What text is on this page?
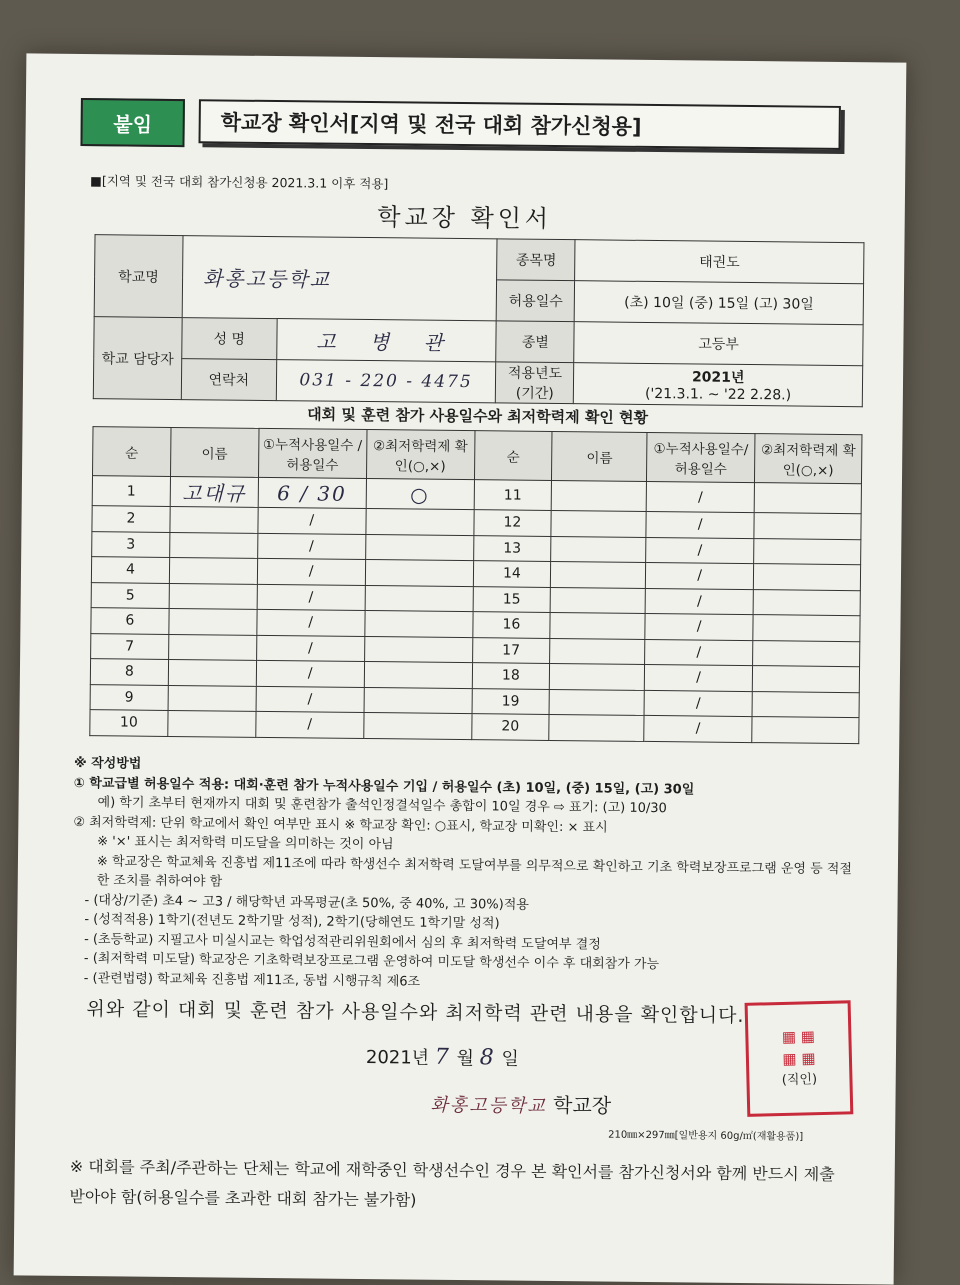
붙임	학교장 확인서[지역 및 전국 대회 참가신청용]
■[지역 및 전국 대회 참가신청용 2021.3.1 이후 적용]
학교장 확인서
학교명	화홍고등학교		종목명	태권도
			허용일수	(초) 10일 (중) 15일 (고) 30일
학교 담당자	성 명	고 병 관	종별	고등부
	연락처	031 - 220 - 4475	적용년도 (기간)	2021년
('21.3.1. ~ '22 2.28.)
대회 및 훈련 참가 사용일수와 최저학력제 확인 현황
순	이름	①누적사용일수 /허용일수	②최저학력제 확인(○,×)	순	이름	①누적사용일수/ 허용일수	②최저학력제 확인(○,×)
1	고대규	6 / 30	○	11		/	
2		/		12		/	
3		/		13		/	
4		/		14		/	
5		/		15		/	
6		/		16		/	
7		/		17		/	
8		/		18		/	
9		/		19		/	
10		/		20		/	
※ 작성방법
① 학교급별 허용일수 적용: 대회·훈련 참가 누적사용일수 기입 / 허용일수 (초) 10일, (중) 15일, (고) 30일
예) 학기 초부터 현재까지 대회 및 훈련참가 출석인정결석일수 총합이 10일 경우 ⇨ 표기: (고) 10/30
② 최저학력제: 단위 학교에서 확인 여부만 표시 ※ 학교장 확인: ○표시, 학교장 미확인: × 표시
※ '×' 표시는 최저학력 미도달을 의미하는 것이 아님
※ 학교장은 학교체육 진흥법 제11조에 따라 학생선수 최저학력 도달여부를 의무적으로 확인하고 기초 학력보장프로그램 운영 등 적절한 조치를 취하여야 함
- (대상/기준) 초4 ~ 고3 / 해당학년 과목평균(초 50%, 중 40%, 고 30%)적용
- (성적적용) 1학기(전년도 2학기말 성적), 2학기(당해연도 1학기말 성적)
- (초등학교) 지필고사 미실시교는 학업성적관리위원회에서 심의 후 최저학력 도달여부 결정
- (최저학력 미도달) 학교장은 기초학력보장프로그램 운영하여 미도달 학생선수 이수 후 대회참가 가능
- (관련법령) 학교체육 진흥법 제11조, 동법 시행규칙 제6조
위와 같이 대회 및 훈련 참가 사용일수와 최저학력 관련 내용을 확인합니다.
2021년 7 월 8 일
화홍고등학교 학교장
▦ ▦
▦ ▦
(직인)
210㎜×297㎜[일반용지 60g/㎡(재활용품)]
※ 대회를 주최/주관하는 단체는 학교에 재학중인 학생선수인 경우 본 확인서를 참가신청서와 함께 반드시 제출받아야 함(허용일수를 초과한 대회 참가는 불가함)
